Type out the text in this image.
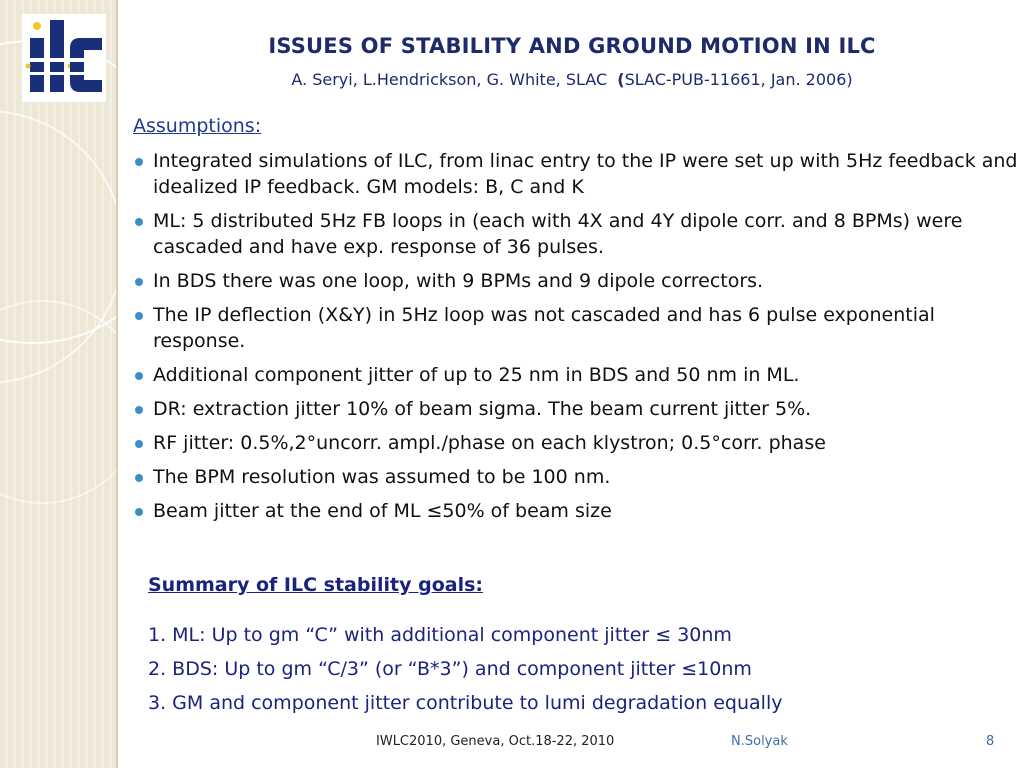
ISSUES OF STABILITY AND GROUND MOTION IN ILC
A. Seryi, L.Hendrickson, G. White, SLAC (SLAC-PUB-11661, Jan. 2006)
Assumptions:
Integrated simulations of ILC, from linac entry to the IP were set up with 5Hz feedback and idealized IP feedback. GM models: B, C and K
ML: 5 distributed 5Hz FB loops in (each with 4X and 4Y dipole corr. and 8 BPMs) were cascaded and have exp. response of 36 pulses.
In BDS there was one loop, with 9 BPMs and 9 dipole correctors.
The IP deflection (X&Y) in 5Hz loop was not cascaded and has 6 pulse exponential response.
Additional component jitter of up to 25 nm in BDS and 50 nm in ML.
DR: extraction jitter 10% of beam sigma. The beam current jitter 5%.
RF jitter: 0.5%,2°uncorr. ampl./phase on each klystron; 0.5°corr. phase
The BPM resolution was assumed to be 100 nm.
Beam jitter at the end of ML ≤50% of beam size
Summary of ILC stability goals:
1. ML: Up to gm “C” with additional component jitter ≤ 30nm
2. BDS: Up to gm “C/3” (or “B*3”) and component jitter ≤10nm
3. GM and component jitter contribute to lumi degradation equally
IWLC2010, Geneva, Oct.18-22, 2010	N.Solyak	8
